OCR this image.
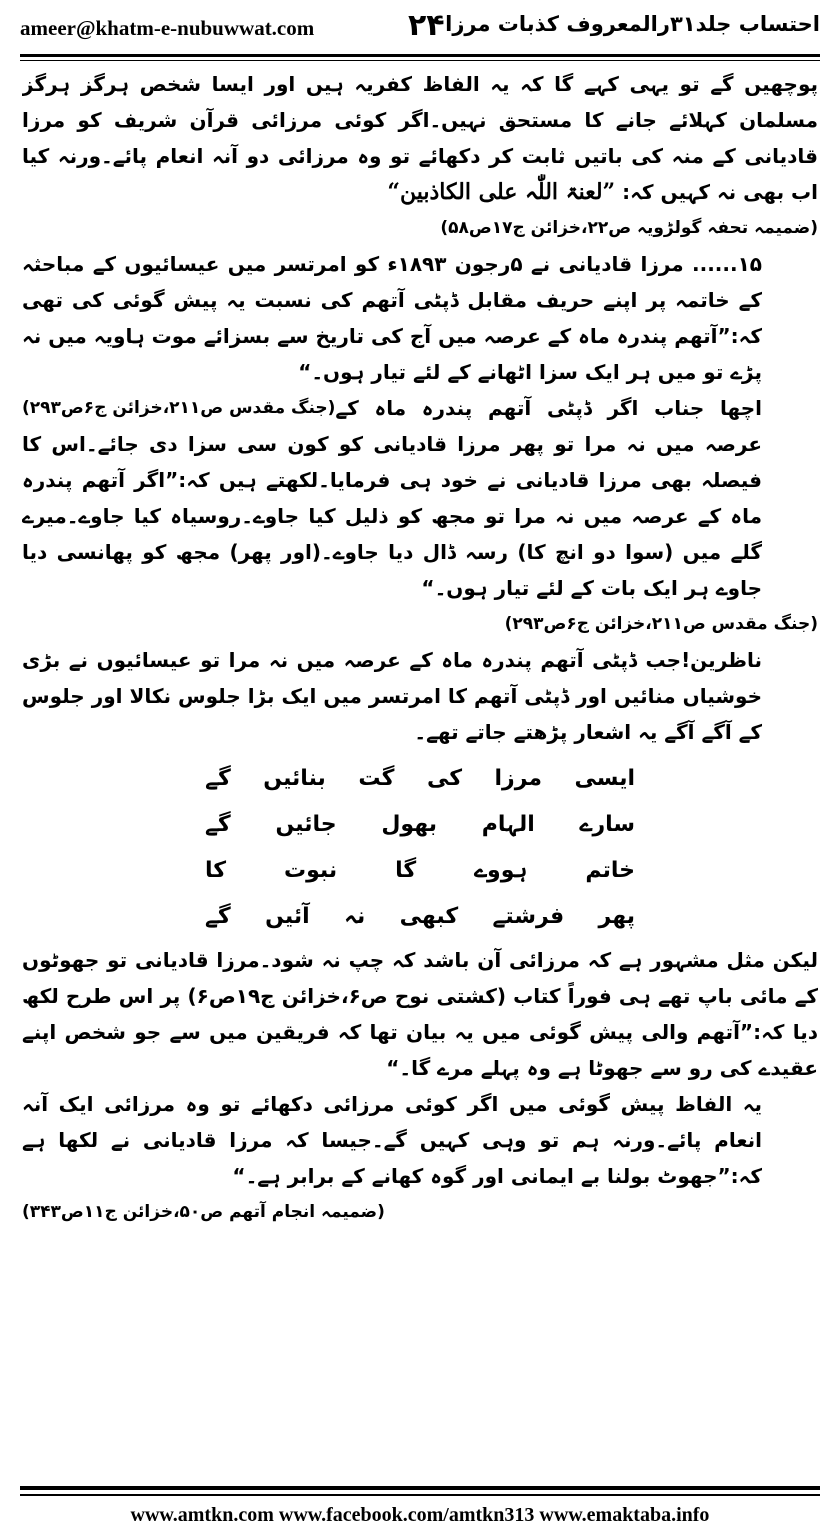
ameer@khatm-e-nubuwwat.com	۲۴ احتساب جلد۳۱رالمعروف کذبات مرزا

پوچھیں گے تو یہی کہے گا کہ یہ الفاظ کفریہ ہیں اور ایسا شخص ہرگز ہرگز مسلمان کہلائے جانے کا مستحق نہیں۔اگر کوئی مرزائی قرآن شریف کو مرزا قادیانی کے منہ کی باتیں ثابت کر دکھائے تو وہ مرزائی دو آنہ انعام پائے۔ورنہ کیا اب بھی نہ کہیں کہ: ”لعنۃ اللّٰہ علی الکاذبین“

(ضمیمہ تحفہ گولڑویہ ص۲۲،خزائن ج۱۷ص۵۸)

۱۵...... مرزا قادیانی نے ۵رجون ۱۸۹۳ء کو امرتسر میں عیسائیوں کے مباحثہ کے خاتمہ پر اپنے حریف مقابل ڈپٹی آتھم کی نسبت یہ پیش گوئی کی تھی کہ:”آتھم پندرہ ماہ کے عرصہ میں آج کی تاریخ سے بسزائے موت ہاویہ میں نہ پڑے تو میں ہر ایک سزا اٹھانے کے لئے تیار ہوں۔“
(جنگ مقدس ص۲۱۱،خزائن ج۶ص۲۹۳) اچھا جناب اگر ڈپٹی آتھم پندرہ ماہ کے عرصہ میں نہ مرا تو پھر مرزا قادیانی کو کون سی سزا دی جائے۔اس کا فیصلہ بھی مرزا قادیانی نے خود ہی فرمایا۔لکھتے ہیں کہ:”اگر آتھم پندرہ ماہ کے عرصہ میں نہ مرا تو مجھ کو ذلیل کیا جاوے۔روسیاہ کیا جاوے۔میرے گلے میں (سوا دو انچ کا) رسہ ڈال دیا جاوے۔(اور پھر) مجھ کو پھانسی دیا جاوے ہر ایک بات کے لئے تیار ہوں۔“

(جنگ مقدس ص۲۱۱،خزائن ج۶ص۲۹۳)

ناظرین!جب ڈپٹی آتھم پندرہ ماہ کے عرصہ میں نہ مرا تو عیسائیوں نے بڑی خوشیاں منائیں اور ڈپٹی آتھم کا امرتسر میں ایک بڑا جلوس نکالا اور جلوس کے آگے آگے یہ اشعار پڑھتے جاتے تھے۔

ایسی
مرزا
کی
گت
بنائیں
گے
سارے
الہام
بھول
جائیں
گے
خاتم
ہووے
گا
نبوت
کا
پھر
فرشتے
کبھی
نہ
آئیں
گے

لیکن مثل مشہور ہے کہ مرزائی آن باشد کہ چپ نہ شود۔مرزا قادیانی تو جھوٹوں کے مائی باپ تھے ہی فوراً کتاب (کشتی نوح ص۶،خزائن ج۱۹ص۶) پر اس طرح لکھ دیا کہ:”آتھم والی پیش گوئی میں یہ بیان تھا کہ فریقین میں سے جو شخص اپنے عقیدے کی رو سے جھوٹا ہے وہ پہلے مرے گا۔“

یہ الفاظ پیش گوئی میں اگر کوئی مرزائی دکھائے تو وہ مرزائی ایک آنہ انعام پائے۔ورنہ ہم تو وہی کہیں گے۔جیسا کہ مرزا قادیانی نے لکھا ہے کہ:”جھوٹ بولنا بے ایمانی اور گوہ کھانے کے برابر ہے۔“
(ضمیمہ انجام آتھم ص۵۰،خزائن ج۱۱ص۳۴۳)

www.amtkn.com www.facebook.com/amtkn313 www.emaktaba.info
